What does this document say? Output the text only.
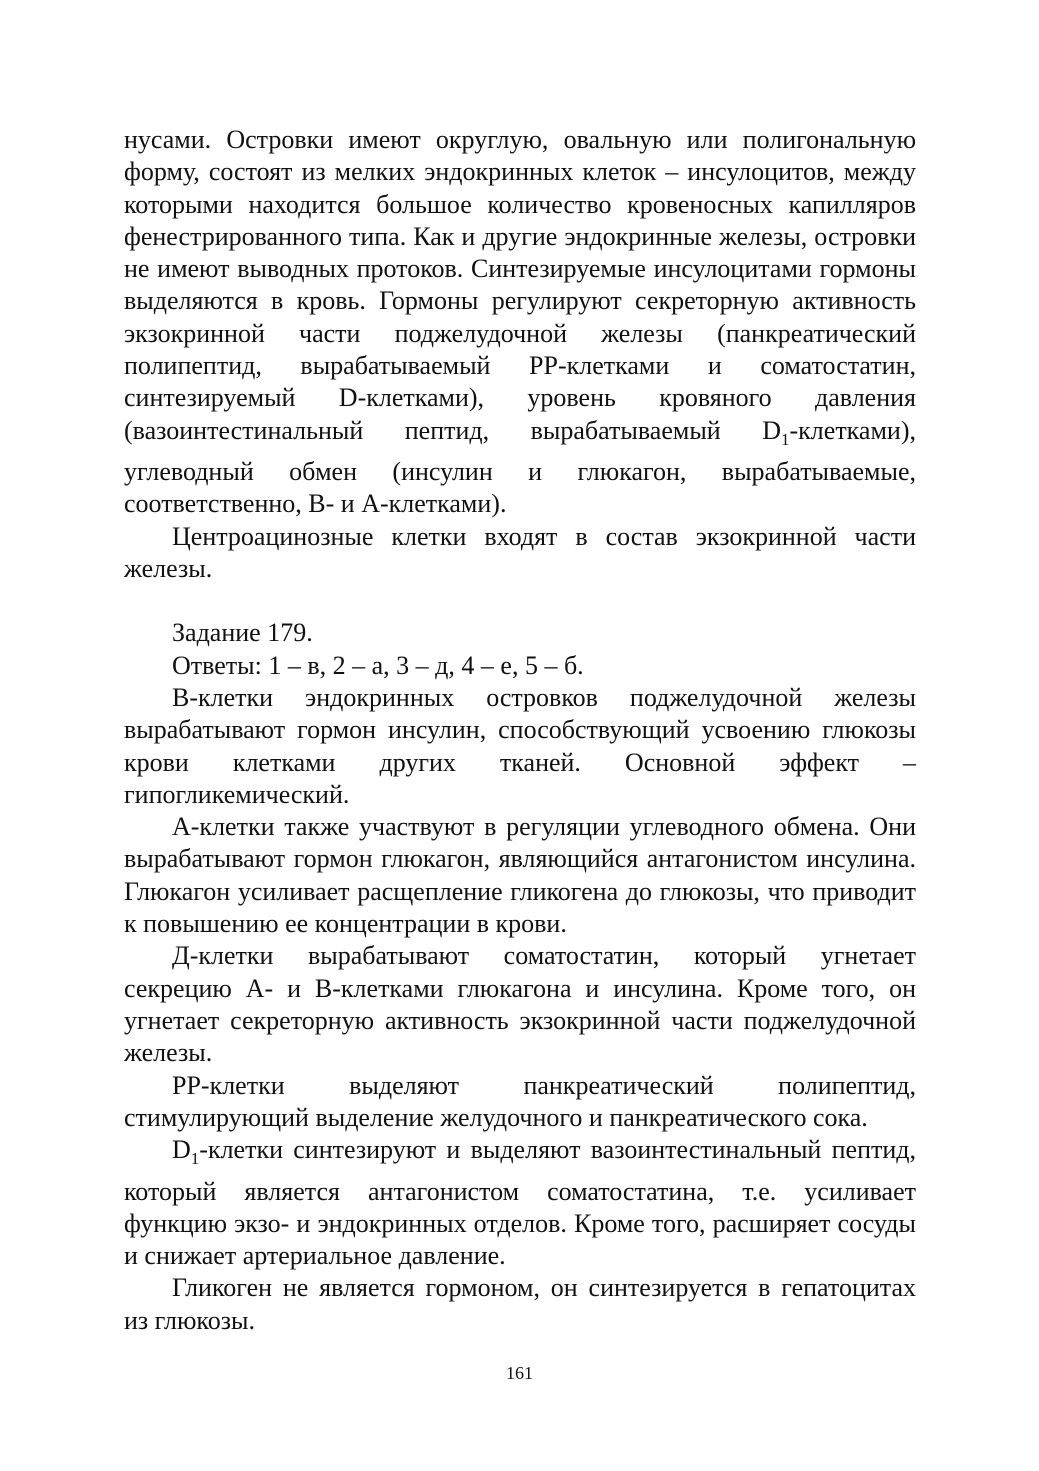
нусами. Островки имеют округлую, овальную или полигональную форму, состоят из мелких эндокринных клеток – инсулоцитов, между которыми находится большое количество кровеносных капилляров фенестрированного типа. Как и другие эндокринные железы, островки не имеют выводных протоков. Синтезируемые инсулоцитами гормоны выделяются в кровь. Гормоны регулируют секреторную активность экзокринной части поджелудочной железы (панкреатический полипептид, вырабатываемый PP-клетками и соматостатин, синтезируемый D-клетками), уровень кровяного давления (вазоинтестинальный пептид, вырабатываемый $D_1-клетками$), углеводный обмен (инсулин и глюкагон, вырабатываемые, соответственно, B- и A-клетками).

Центроацинозные клетки входят в состав экзокринной части железы.

Задание 179.

Ответы: 1 – в, 2 – а, 3 – д, 4 – е, 5 – б.

B-клетки эндокринных островков поджелудочной железы вырабатывают гормон инсулин, способствующий усвоению глюкозы крови клетками других тканей. Основной эффект – гипогликемический.

А-клетки также участвуют в регуляции углеводного обмена. Они вырабатывают гормон глюкагон, являющийся антагонистом инсулина. Глюкагон усиливает расщепление гликогена до глюкозы, что приводит к повышению ее концентрации в крови.

Д-клетки вырабатывают соматостатин, который угнетает секрецию А- и В-клетками глюкагона и инсулина. Кроме того, он угнетает секреторную активность экзокринной части поджелудочной железы.

PP-клетки выделяют панкреатический полипептид, стимулирующий выделение желудочного и панкреатического сока.

$D_1$-клетки синтезируют и выделяют вазоинтестинальный пептид, который является антагонистом соматостатина, т.е. усиливает функцию экзо- и эндокринных отделов. Кроме того, расширяет сосуды и снижает артериальное давление.

Гликоген не является гормоном, он синтезируется в гепатоцитах из глюкозы.

161
